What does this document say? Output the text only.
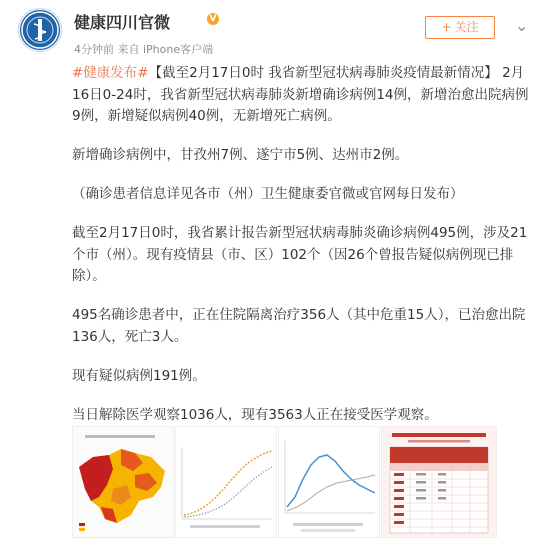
健康四川官微	V
4分钟前 来自 iPhone客户端
+ 关注	⌄

#健康发布#【截至2月17日0时 我省新型冠状病毒肺炎疫情最新情况】 2月16日0-24时，我省新型冠状病毒肺炎新增确诊病例14例，新增治愈出院病例9例，新增疑似病例40例，无新增死亡病例。

新增确诊病例中，甘孜州7例、遂宁市5例、达州市2例。

（确诊患者信息详见各市（州）卫生健康委官微或官网每日发布）

截至2月17日0时，我省累计报告新型冠状病毒肺炎确诊病例495例，涉及21个市（州）。现有疫情县（市、区）102个（因26个曾报告疑似病例现已排除）。

495名确诊患者中，正在住院隔离治疗356人（其中危重15人），已治愈出院136人，死亡3人。

现有疑似病例191例。

当日解除医学观察1036人，现有3563人正在接受医学观察。
